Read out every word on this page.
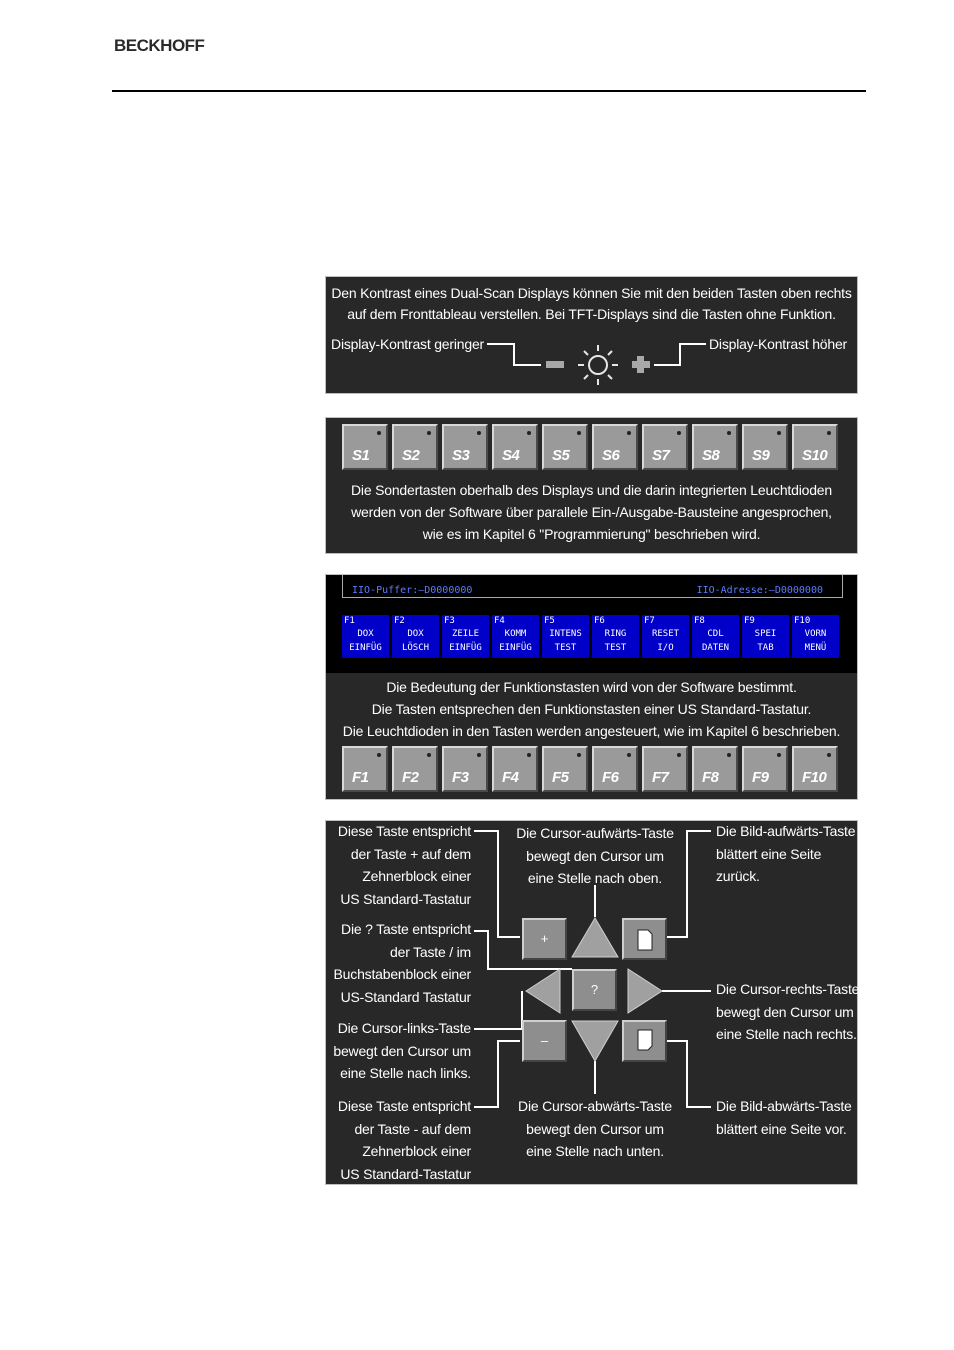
BECKHOFF
Den Kontrast eines Dual-Scan Displays können Sie mit den beiden Tasten oben rechts
auf dem Fronttableau verstellen. Bei TFT-Displays sind die Tasten ohne Funktion.
Display-Kontrast geringer	Display-Kontrast höher
S1 S2 S3 S4 S5 S6 S7 S8 S9 S10
Die Sondertasten oberhalb des Displays und die darin integrierten Leuchtdioden
werden von der Software über parallele Ein-/Ausgabe-Bausteine angesprochen,
wie es im Kapitel 6 "Programmierung" beschrieben wird.
IIO-Puffer:—D0000000	IIO-Adresse:—D0000000
F1
DOX
EINFÜG
F2
DOX
LÖSCH
F3
ZEILE
EINFÜG
F4
KOMM
EINFÜG
F5
INTENS
TEST
F6
RING
TEST
F7
RESET
I/O
F8
CDL
DATEN
F9
SPEI
TAB
F10
VORN
MENÜ
Die Bedeutung der Funktionstasten wird von der Software bestimmt.
Die Tasten entsprechen den Funktionstasten einer US Standard-Tastatur.
Die Leuchtdioden in den Tasten werden angesteuert, wie im Kapitel 6 beschrieben.
F1 F2 F3 F4 F5 F6 F7 F8 F9 F10
+
?
–
Diese Taste entspricht
der Taste + auf dem
Zehnerblock einer
US Standard-Tastatur
Die ? Taste entspricht
der Taste / im
Buchstabenblock einer
US-Standard Tastatur
Die Cursor-links-Taste
bewegt den Cursor um
eine Stelle nach links.
Diese Taste entspricht
der Taste - auf dem
Zehnerblock einer
US Standard-Tastatur
Die Cursor-aufwärts-Taste
bewegt den Cursor um
eine Stelle nach oben.
Die Cursor-abwärts-Taste
bewegt den Cursor um
eine Stelle nach unten.
Die Bild-aufwärts-Taste
blättert eine Seite
zurück.
Die Cursor-rechts-Taste
bewegt den Cursor um
eine Stelle nach rechts.
Die Bild-abwärts-Taste
blättert eine Seite vor.
